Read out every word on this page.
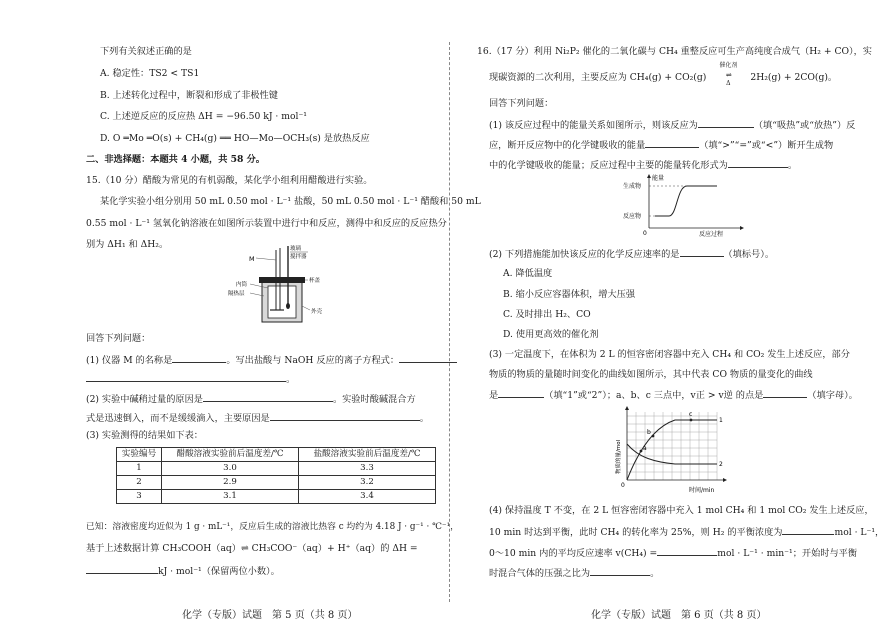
下列有关叙述正确的是
A. 稳定性：TS2 < TS1
B. 上述转化过程中，断裂和形成了非极性键
C. 上述逆反应的反应热 ΔH = −96.50 kJ · mol⁻¹
D. O ═Mo ═O(s) + CH₄(g) ══ HO—Mo—OCH₃(s) 是放热反应
二、非选择题：本题共 4 小题，共 58 分。
15.（10 分）醋酸为常见的有机弱酸，某化学小组利用醋酸进行实验。
某化学实验小组分别用 50 mL 0.50 mol · L⁻¹ 盐酸，50 mL 0.50 mol · L⁻¹ 醋酸和 50 mL
0.55 mol · L⁻¹ 氢氧化钠溶液在如图所示装置中进行中和反应，测得中和反应的反应热分
别为 ΔH₁ 和 ΔH₂。
M
玻璃
搅拌器
内筒
隔热层
杯盖
外壳
回答下列问题：
(1) 仪器 M 的名称是	。写出盐酸与 NaOH 反应的离子方程式：
。
(2) 实验中碱稍过量的原因是	。实验时酸碱混合方
式是迅速倒入，而不是缓缓滴入，主要原因是	。
(3) 实验测得的结果如下表：
实验编号	醋酸溶液实验前后温度差/℃	盐酸溶液实验前后温度差/℃
1	3.0	3.3
2	2.9	3.2
3	3.1	3.4
已知：溶液密度均近似为 1 g · mL⁻¹，反应后生成的溶液比热容 c 均约为 4.18 J · g⁻¹ · ℃⁻¹，
基于上述数据计算 CH₃COOH（aq）⇌ CH₃COO⁻（aq）+ H⁺（aq）的 ΔH =
kJ · mol⁻¹（保留两位小数）。
化学（专版）试题　第 5 页（共 8 页）
16.（17 分）利用 Ni₂P₂ 催化的二氧化碳与 CH₄ 重整反应可生产高纯度合成气（H₂ + CO），实
现碳资源的二次利用，主要反应为 CH₄(g) + CO₂(g)
催化剂
⇌
Δ
2H₂(g) + 2CO(g)。
回答下列问题：
(1) 该反应过程中的能量关系如图所示，则该反应为	（填“吸热”或“放热”）反
应，断开反应物中的化学键吸收的能量	（填“>”“=”或“<”）断开生成物
中的化学键吸收的能量；反应过程中主要的能量转化形式为	。
能量
生成物
反应物
0	反应过程
(2) 下列措施能加快该反应的化学反应速率的是	（填标号）。
A. 降低温度
B. 缩小反应容器体积，增大压强
C. 及时排出 H₂、CO
D. 使用更高效的催化剂
(3) 一定温度下，在体积为 2 L 的恒容密闭容器中充入 CH₄ 和 CO₂ 发生上述反应，部分
物质的物质的量随时间变化的曲线如图所示，其中代表 CO 物质的量变化的曲线
是	（填“1”或“2”）；a、b、c 三点中，v正 > v逆 的点是	（填字母）。
a
b
c
1
2
0
时间/min
物质的量/mol
(4) 保持温度 T 不变，在 2 L 恒容密闭容器中充入 1 mol CH₄ 和 1 mol CO₂ 发生上述反应，
10 min 时达到平衡，此时 CH₄ 的转化率为 25%，则 H₂ 的平衡浓度为	mol · L⁻¹，
0～10 min 内的平均反应速率 v(CH₄) =	mol · L⁻¹ · min⁻¹；开始时与平衡
时混合气体的压强之比为	。
化学（专版）试题　第 6 页（共 8 页）
